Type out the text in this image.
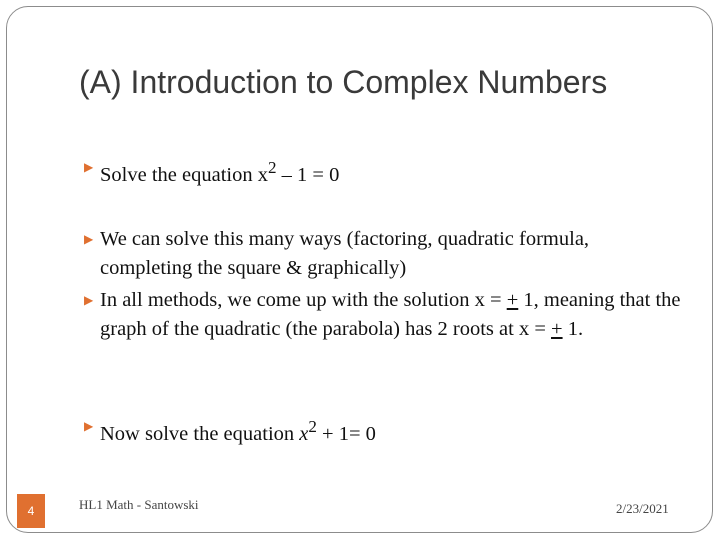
(A) Introduction to Complex Numbers
▶ Solve the equation $x^2 - 1 = 0$
▶ We can solve this many ways (factoring, quadratic formula, completing the square & graphically)
▶ In all methods, we come up with the solution x = + 1, meaning that the graph of the quadratic (the parabola) has 2 roots at x = + 1.
▶ Now solve the equation $x^2 + 1= 0$
4	HL1 Math - Santowski	2/23/2021
